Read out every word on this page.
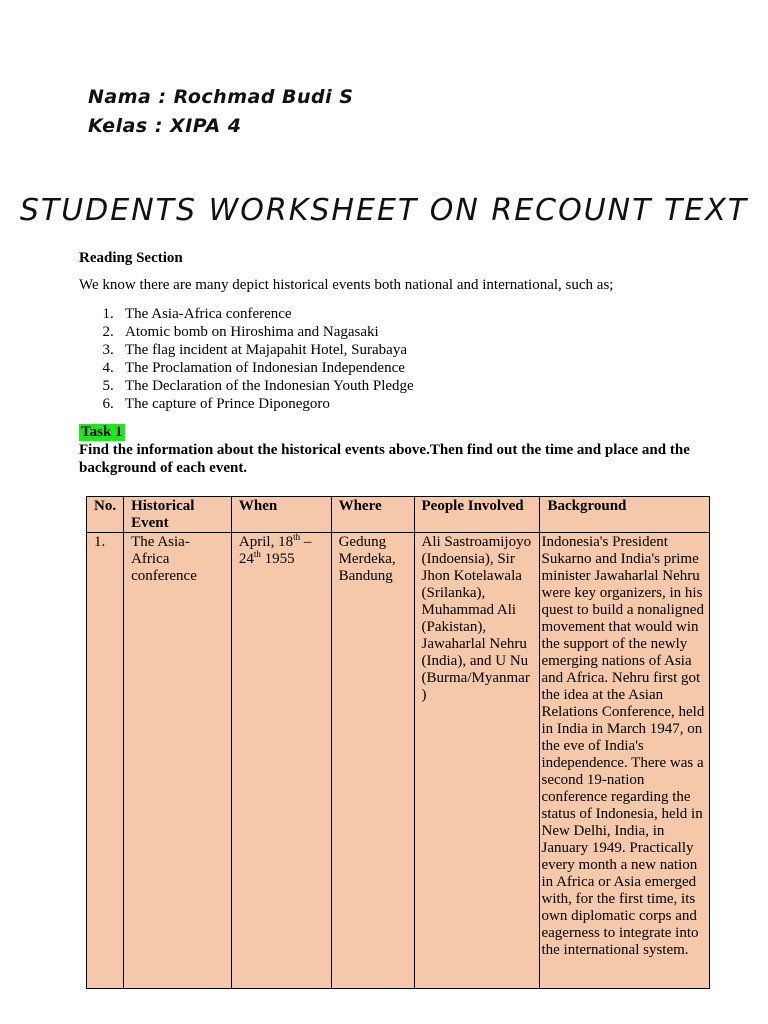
Nama : Rochmad Budi S
Kelas : XIPA 4
STUDENTS WORKSHEET ON RECOUNT TEXT
Reading Section
We know there are many depict historical events both national and international, such as;
1. The Asia-Africa conference
2. Atomic bomb on Hiroshima and Nagasaki
3. The flag incident at Majapahit Hotel, Surabaya
4. The Proclamation of Indonesian Independence
5. The Declaration of the Indonesian Youth Pledge
6. The capture of Prince Diponegoro
Task 1
Find the information about the historical events above.Then find out the time and place and the background of each event.
No.	Historical Event	When	Where	People Involved	Background
1.	The Asia-Africa conference	April, 18th – 24th 1955	Gedung Merdeka, Bandung	Ali Sastroamijoyo (Indoensia), Sir Jhon Kotelawala (Srilanka), Muhammad Ali (Pakistan), Jawaharlal Nehru (India), and U Nu (Burma/Myanmar )	Indonesia's President Sukarno and India's prime minister Jawaharlal Nehru were key organizers, in his quest to build a nonaligned movement that would win the support of the newly emerging nations of Asia and Africa. Nehru first got the idea at the Asian Relations Conference, held in India in March 1947, on the eve of India's independence. There was a second 19-nation conference regarding the status of Indonesia, held in New Delhi, India, in January 1949. Practically every month a new nation in Africa or Asia emerged with, for the first time, its own diplomatic corps and eagerness to integrate into the international system.
